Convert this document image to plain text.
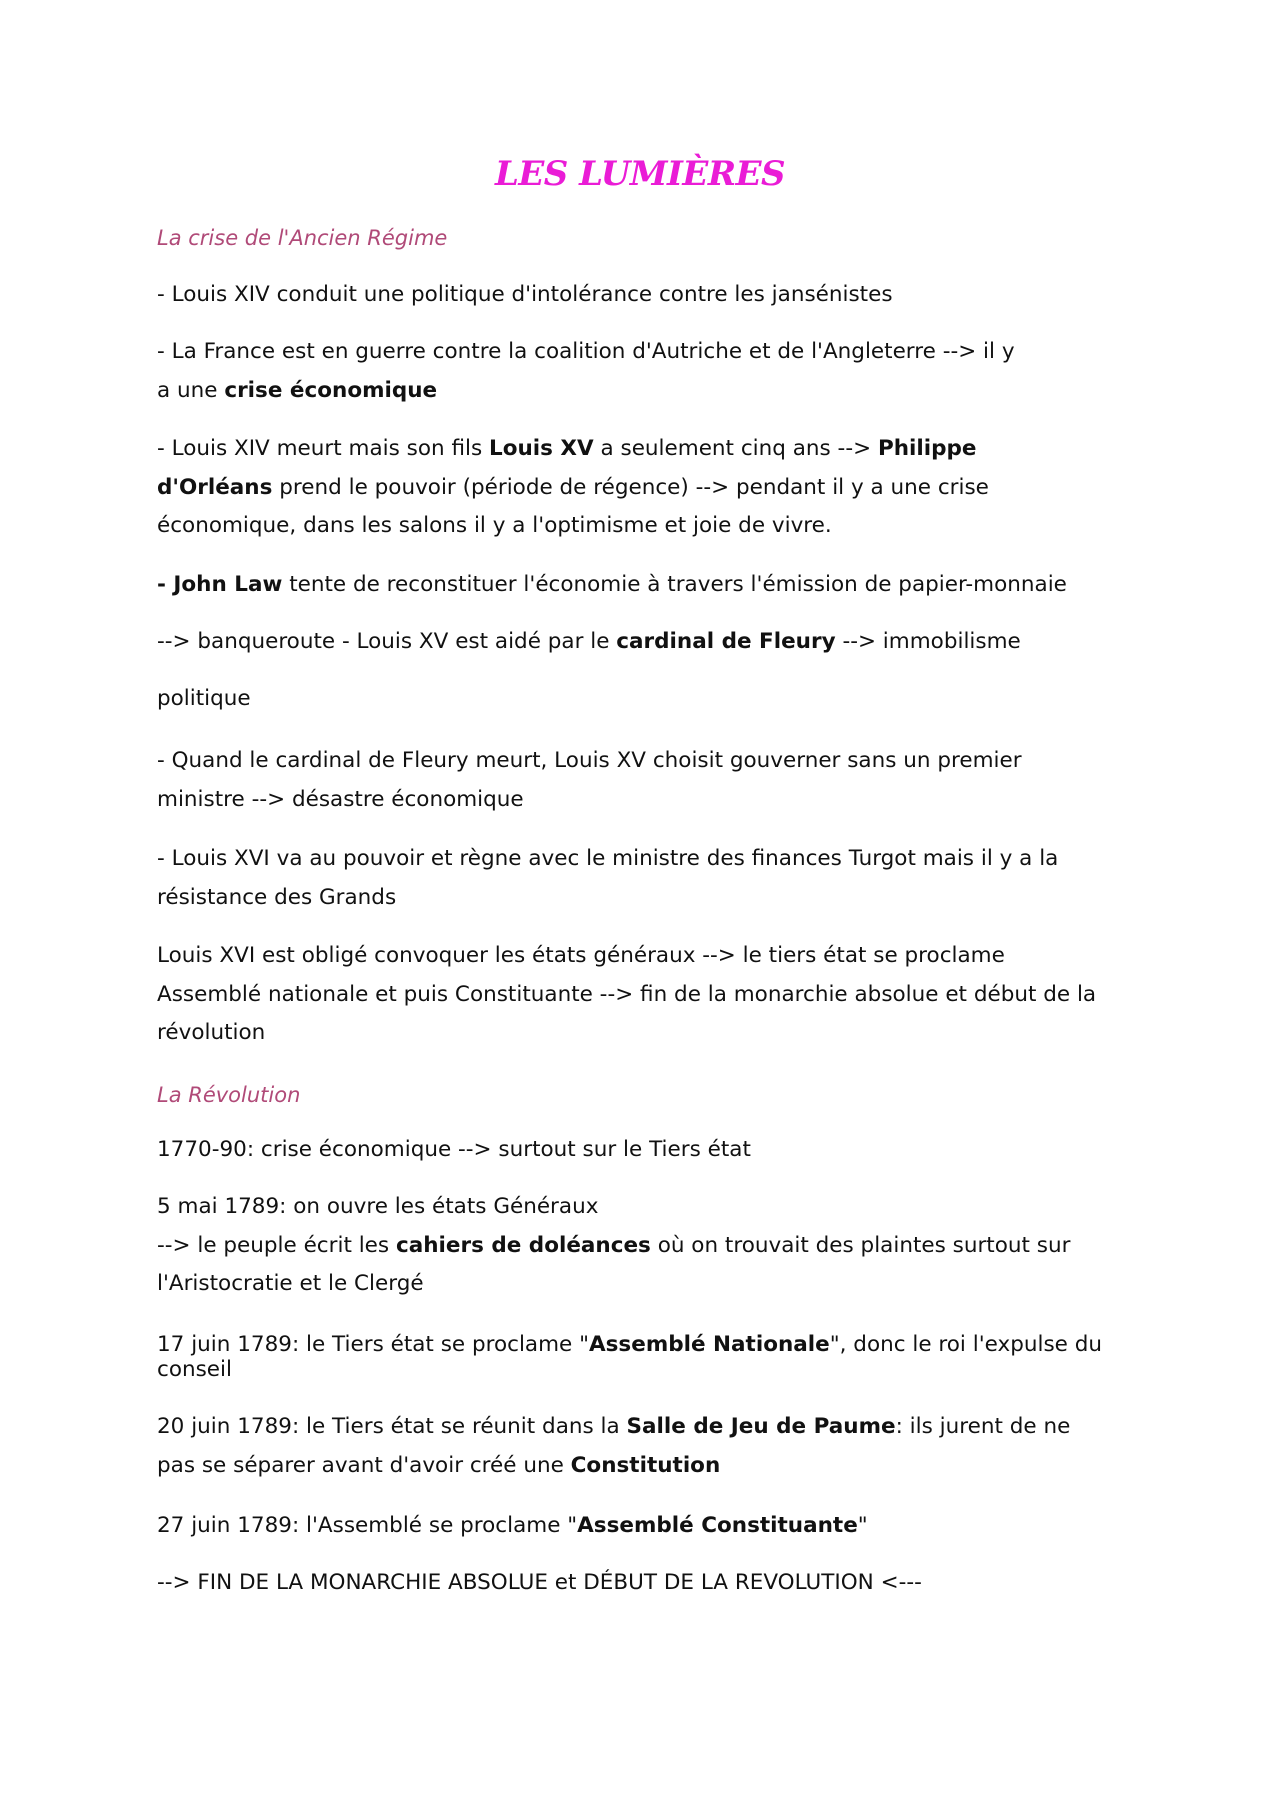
LES LUMIÈRES

La crise de l'Ancien Régime

- Louis XIV conduit une politique d'intolérance contre les jansénistes

- La France est en guerre contre la coalition d'Autriche et de l'Angleterre --> il y
a une crise économique

- Louis XIV meurt mais son fils Louis XV a seulement cinq ans --> Philippe
d'Orléans prend le pouvoir (période de régence) --> pendant il y a une crise
économique, dans les salons il y a l'optimisme et joie de vivre.

- John Law tente de reconstituer l'économie à travers l'émission de papier-monnaie

--> banqueroute - Louis XV est aidé par le cardinal de Fleury --> immobilisme

politique

- Quand le cardinal de Fleury meurt, Louis XV choisit gouverner sans un premier
ministre --> désastre économique

- Louis XVI va au pouvoir et règne avec le ministre des finances Turgot mais il y a la
résistance des Grands

Louis XVI est obligé convoquer les états généraux --> le tiers état se proclame
Assemblé nationale et puis Constituante --> fin de la monarchie absolue et début de la
révolution

La Révolution

1770-90: crise économique --> surtout sur le Tiers état

5 mai 1789: on ouvre les états Généraux
--> le peuple écrit les cahiers de doléances où on trouvait des plaintes surtout sur
l'Aristocratie et le Clergé

17 juin 1789: le Tiers état se proclame "Assemblé Nationale", donc le roi l'expulse du
conseil

20 juin 1789: le Tiers état se réunit dans la Salle de Jeu de Paume: ils jurent de ne
pas se séparer avant d'avoir créé une Constitution

27 juin 1789: l'Assemblé se proclame "Assemblé Constituante"

--> FIN DE LA MONARCHIE ABSOLUE et DÉBUT DE LA REVOLUTION <---
